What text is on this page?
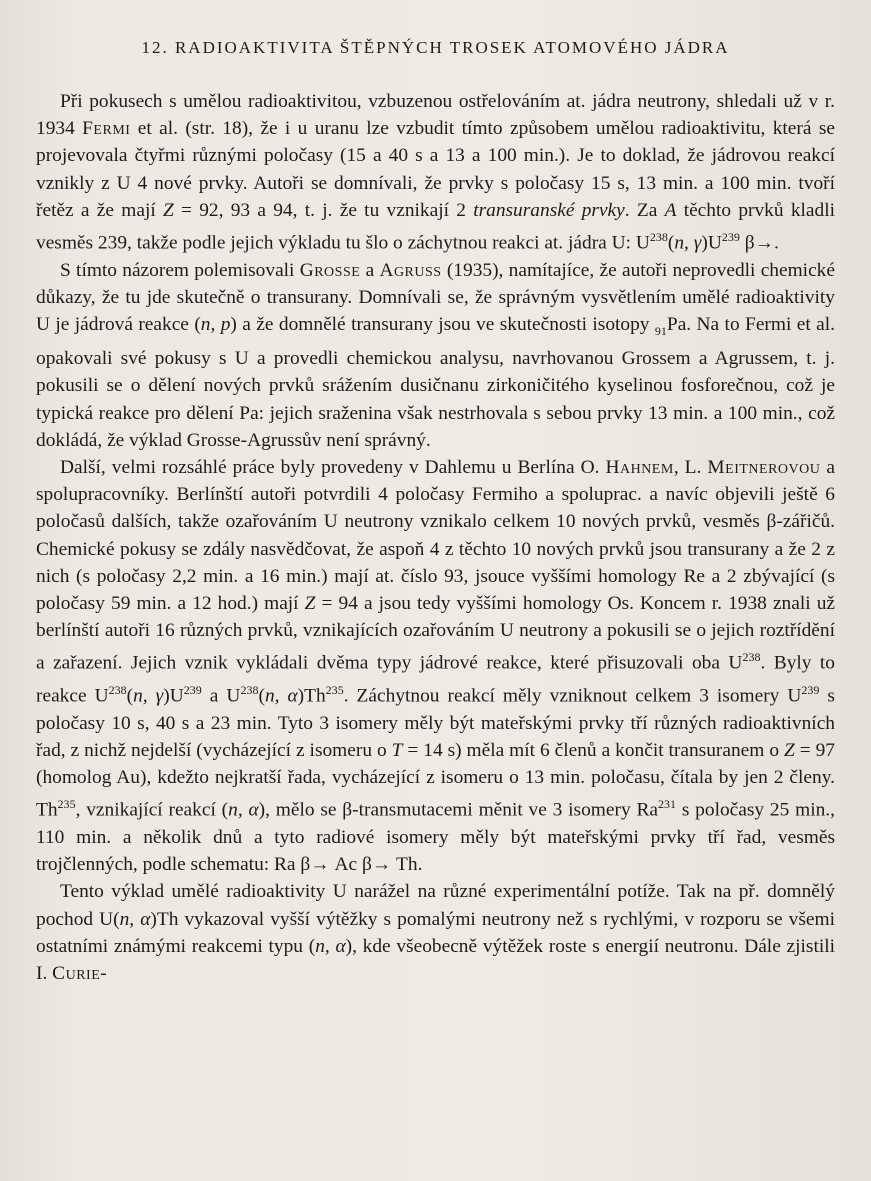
12. RADIOAKTIVITA ŠTĚPNÝCH TROSEK ATOMOVÉHO JÁDRA

Při pokusech s umělou radioaktivitou, vzbuzenou ostřelováním at. jádra neutrony, shledali už v r. 1934 Fermi et al. (str. 18), že i u uranu lze vzbudit tímto způsobem umělou radioaktivitu, která se projevovala čtyřmi různými poločasy (15 a 40 s a 13 a 100 min.). Je to doklad, že jádrovou reakcí vznikly z U 4 nové prvky. Autoři se domnívali, že prvky s poločasy 15 s, 13 min. a 100 min. tvoří řetěz a že mají Z = 92, 93 a 94, t. j. že tu vznikají 2 transuranské prvky. Za A těchto prvků kladli vesměs 239, takže podle jejich výkladu tu šlo o záchytnou reakci at. jádra U: $U^{238}(n$, $\gamma)U^{239}$ β→.

S tímto názorem polemisovali Grosse a Agruss (1935), namítajíce, že autoři neprovedli chemické důkazy, že tu jde skutečně o transurany. Domnívali se, že správným vysvětlením umělé radioaktivity U je jádrová reakce (n, p) a že domnělé transurany jsou ve skutečnosti isotopy $_{91}$Pa. Na to Fermi et al. opakovali své pokusy s U a provedli chemickou analysu, navrhovanou Grossem a Agrussem, t. j. pokusili se o dělení nových prvků srážením dusičnanu zirkoničitého kyselinou fosforečnou, což je typická reakce pro dělení Pa: jejich sraženina však nestrhovala s sebou prvky 13 min. a 100 min., což dokládá, že výklad Grosse-Agrussův není správný.

Další, velmi rozsáhlé práce byly provedeny v Dahlemu u Berlína O. Hahnem, L. Meitnerovou a spolupracovníky. Berlínští autoři potvrdili 4 poločasy Fermiho a spoluprac. a navíc objevili ještě 6 poločasů dalších, takže ozařováním U neutrony vznikalo celkem 10 nových prvků, vesměs β-zářičů. Chemické pokusy se zdály nasvědčovat, že aspoň 4 z těchto 10 nových prvků jsou transurany a že 2 z nich (s poločasy 2,2 min. a 16 min.) mají at. číslo 93, jsouce vyššími homology Re a 2 zbývající (s poločasy 59 min. a 12 hod.) mají Z = 94 a jsou tedy vyššími homology Os. Koncem r. 1938 znali už berlínští autoři 16 různých prvků, vznikajících ozařováním U neutrony a pokusili se o jejich roztřídění a zařazení. Jejich vznik vykládali dvěma typy jádrové reakce, které přisuzovali oba $U^{238}$. Byly to reakce $U^{238}(n$, $\gamma)U^{239}$ a $U^{238}(n$, α)Th$^{235}$. Záchytnou reakcí měly vzniknout celkem 3 isomery $U^{239}$ s poločasy 10 s, 40 s a 23 min. Tyto 3 isomery měly být mateřskými prvky tří různých radioaktivních řad, z nichž nejdelší (vycházející z isomeru o T = 14 s) měla mít 6 členů a končit transuranem o Z = 97 (homolog Au), kdežto nejkratší řada, vycházející z isomeru o 13 min. poločasu, čítala by jen 2 členy. Th$^{235}$, vznikající reakcí (n, α), mělo se β-transmutacemi měnit ve 3 isomery Ra$^{231}$ s poločasy 25 min., 110 min. a několik dnů a tyto radiové isomery měly být mateřskými prvky tří řad, vesměs trojčlenných, podle schematu: Ra β→ Ac β→ Th.

Tento výklad umělé radioaktivity U narážel na různé experimentální potíže. Tak na př. domnělý pochod U(n, α)Th vykazoval vyšší výtěžky s pomalými neutrony než s rychlými, v rozporu se všemi ostatními známými reakcemi typu (n, α), kde všeobecně výtěžek roste s energií neutronu. Dále zjistili I. Curie-
